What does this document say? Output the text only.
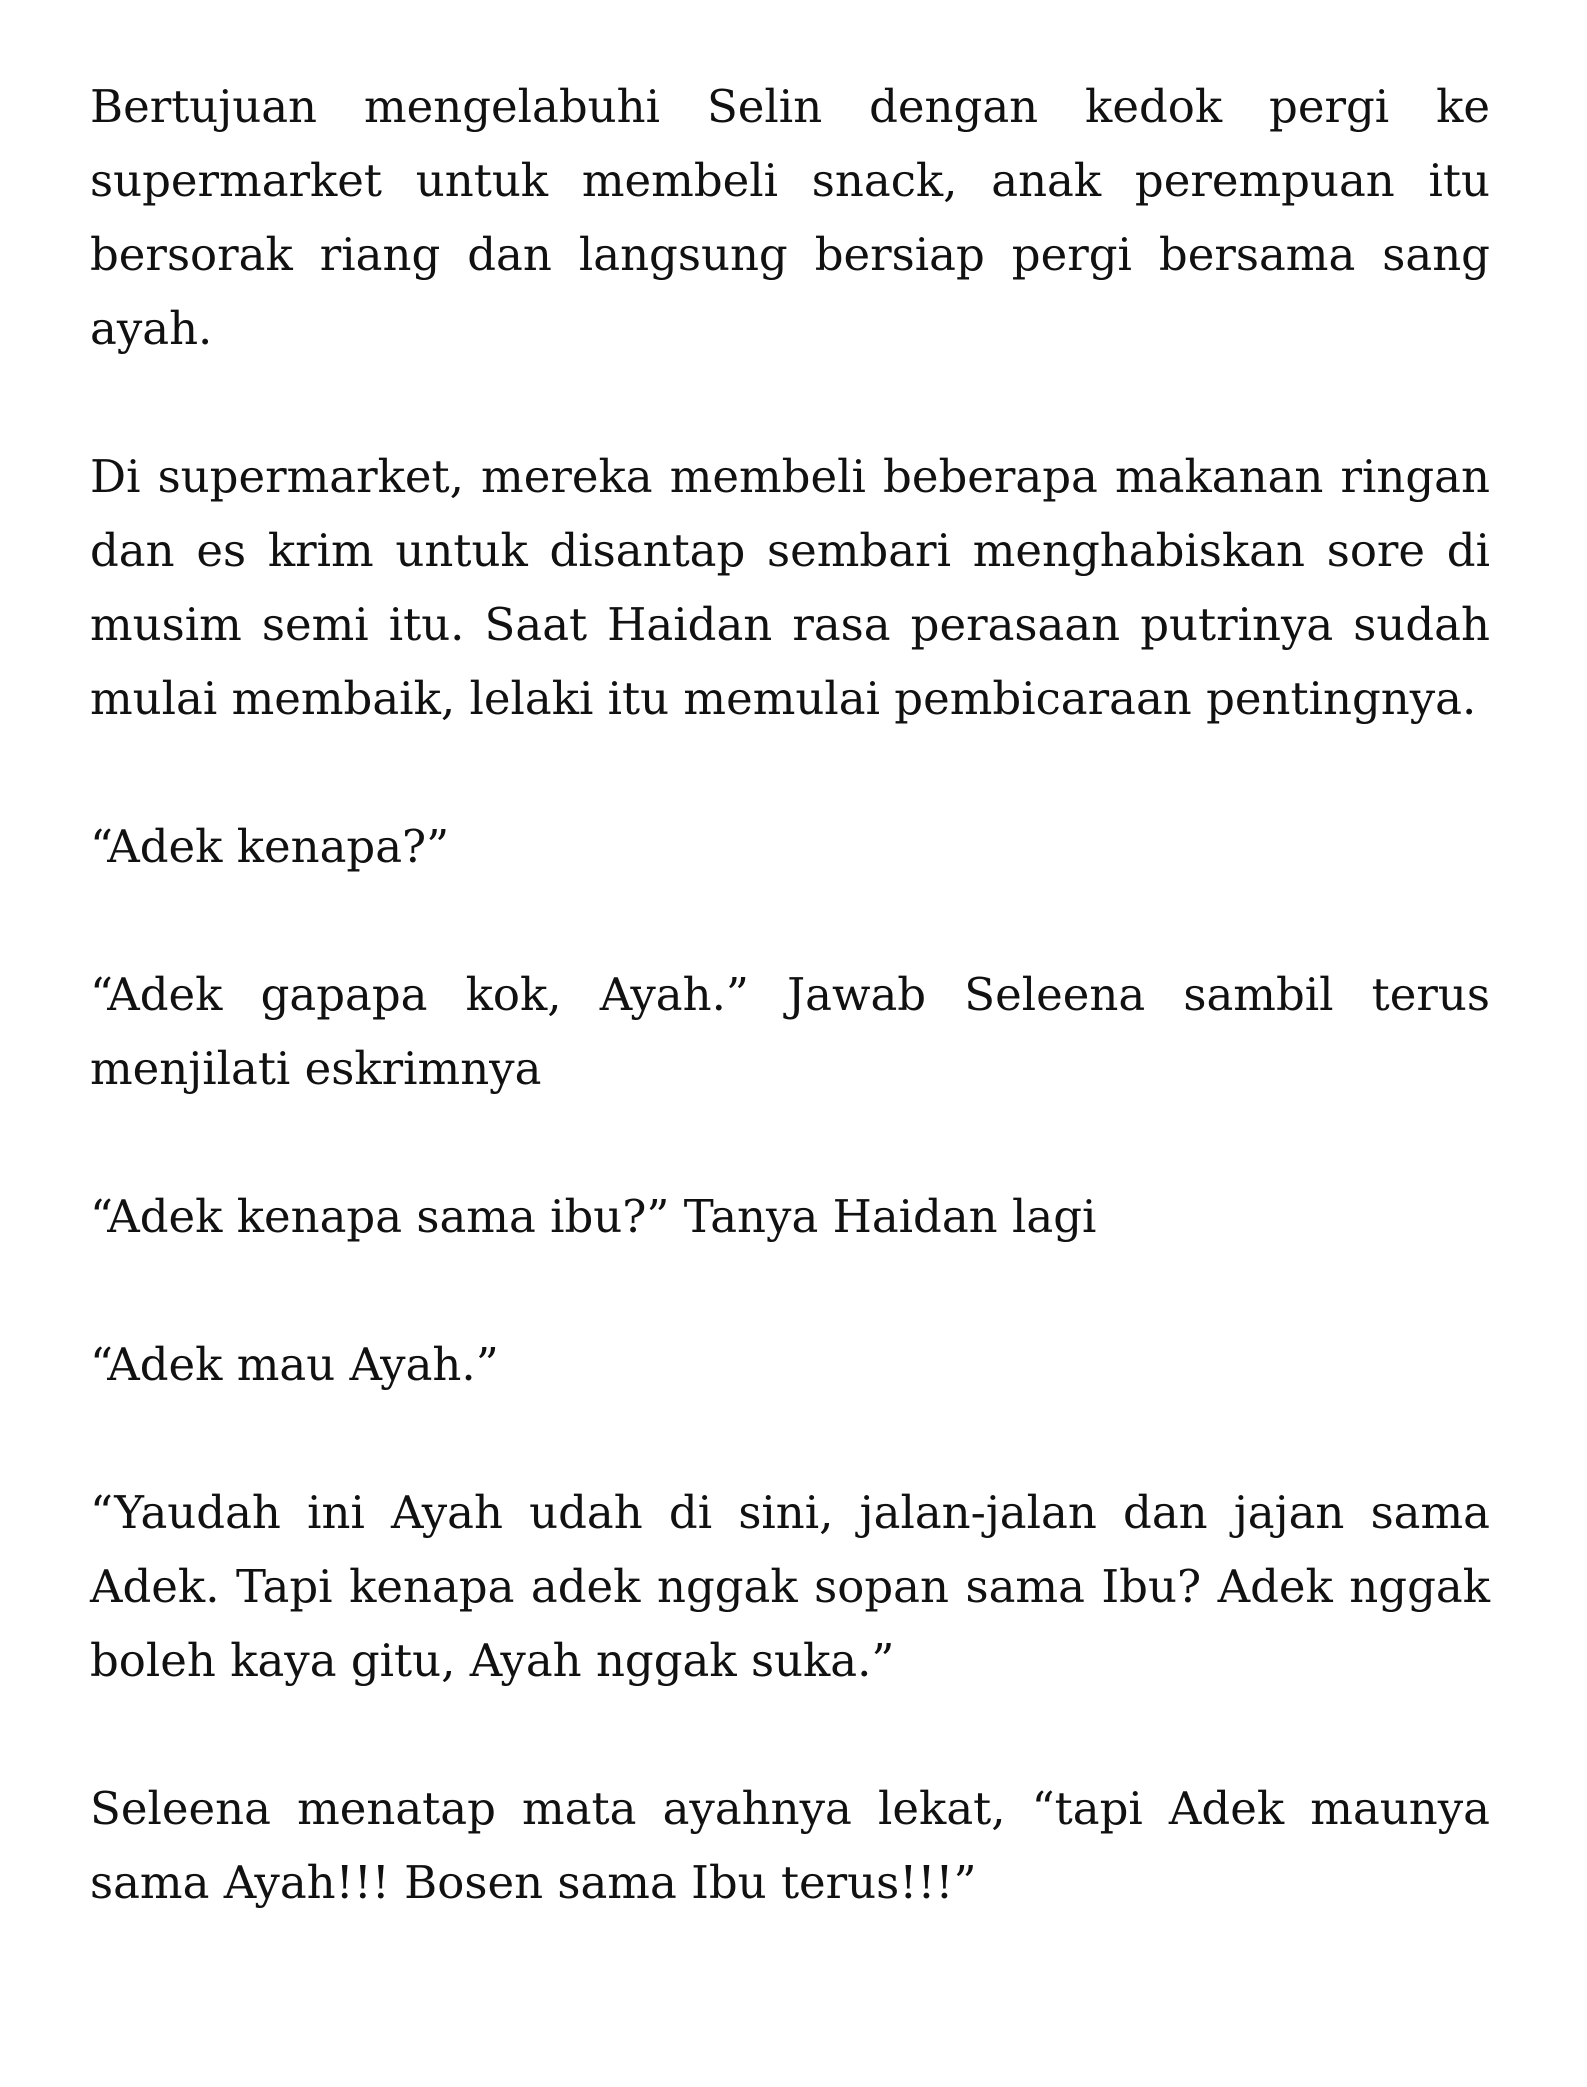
Bertujuan mengelabuhi Selin dengan kedok pergi ke supermarket untuk membeli snack, anak perempuan itu bersorak riang dan langsung bersiap pergi bersama sang ayah.

Di supermarket, mereka membeli beberapa makanan ringan dan es krim untuk disantap sembari menghabiskan sore di musim semi itu. Saat Haidan rasa perasaan putrinya sudah mulai membaik, lelaki itu memulai pembicaraan pentingnya.

“Adek kenapa?”

“Adek gapapa kok, Ayah.” Jawab Seleena sambil terus menjilati eskrimnya

“Adek kenapa sama ibu?” Tanya Haidan lagi

“Adek mau Ayah.”

“Yaudah ini Ayah udah di sini, jalan-jalan dan jajan sama Adek. Tapi kenapa adek nggak sopan sama Ibu? Adek nggak boleh kaya gitu, Ayah nggak suka.”

Seleena menatap mata ayahnya lekat, “tapi Adek maunya sama Ayah!!! Bosen sama Ibu terus!!!”
